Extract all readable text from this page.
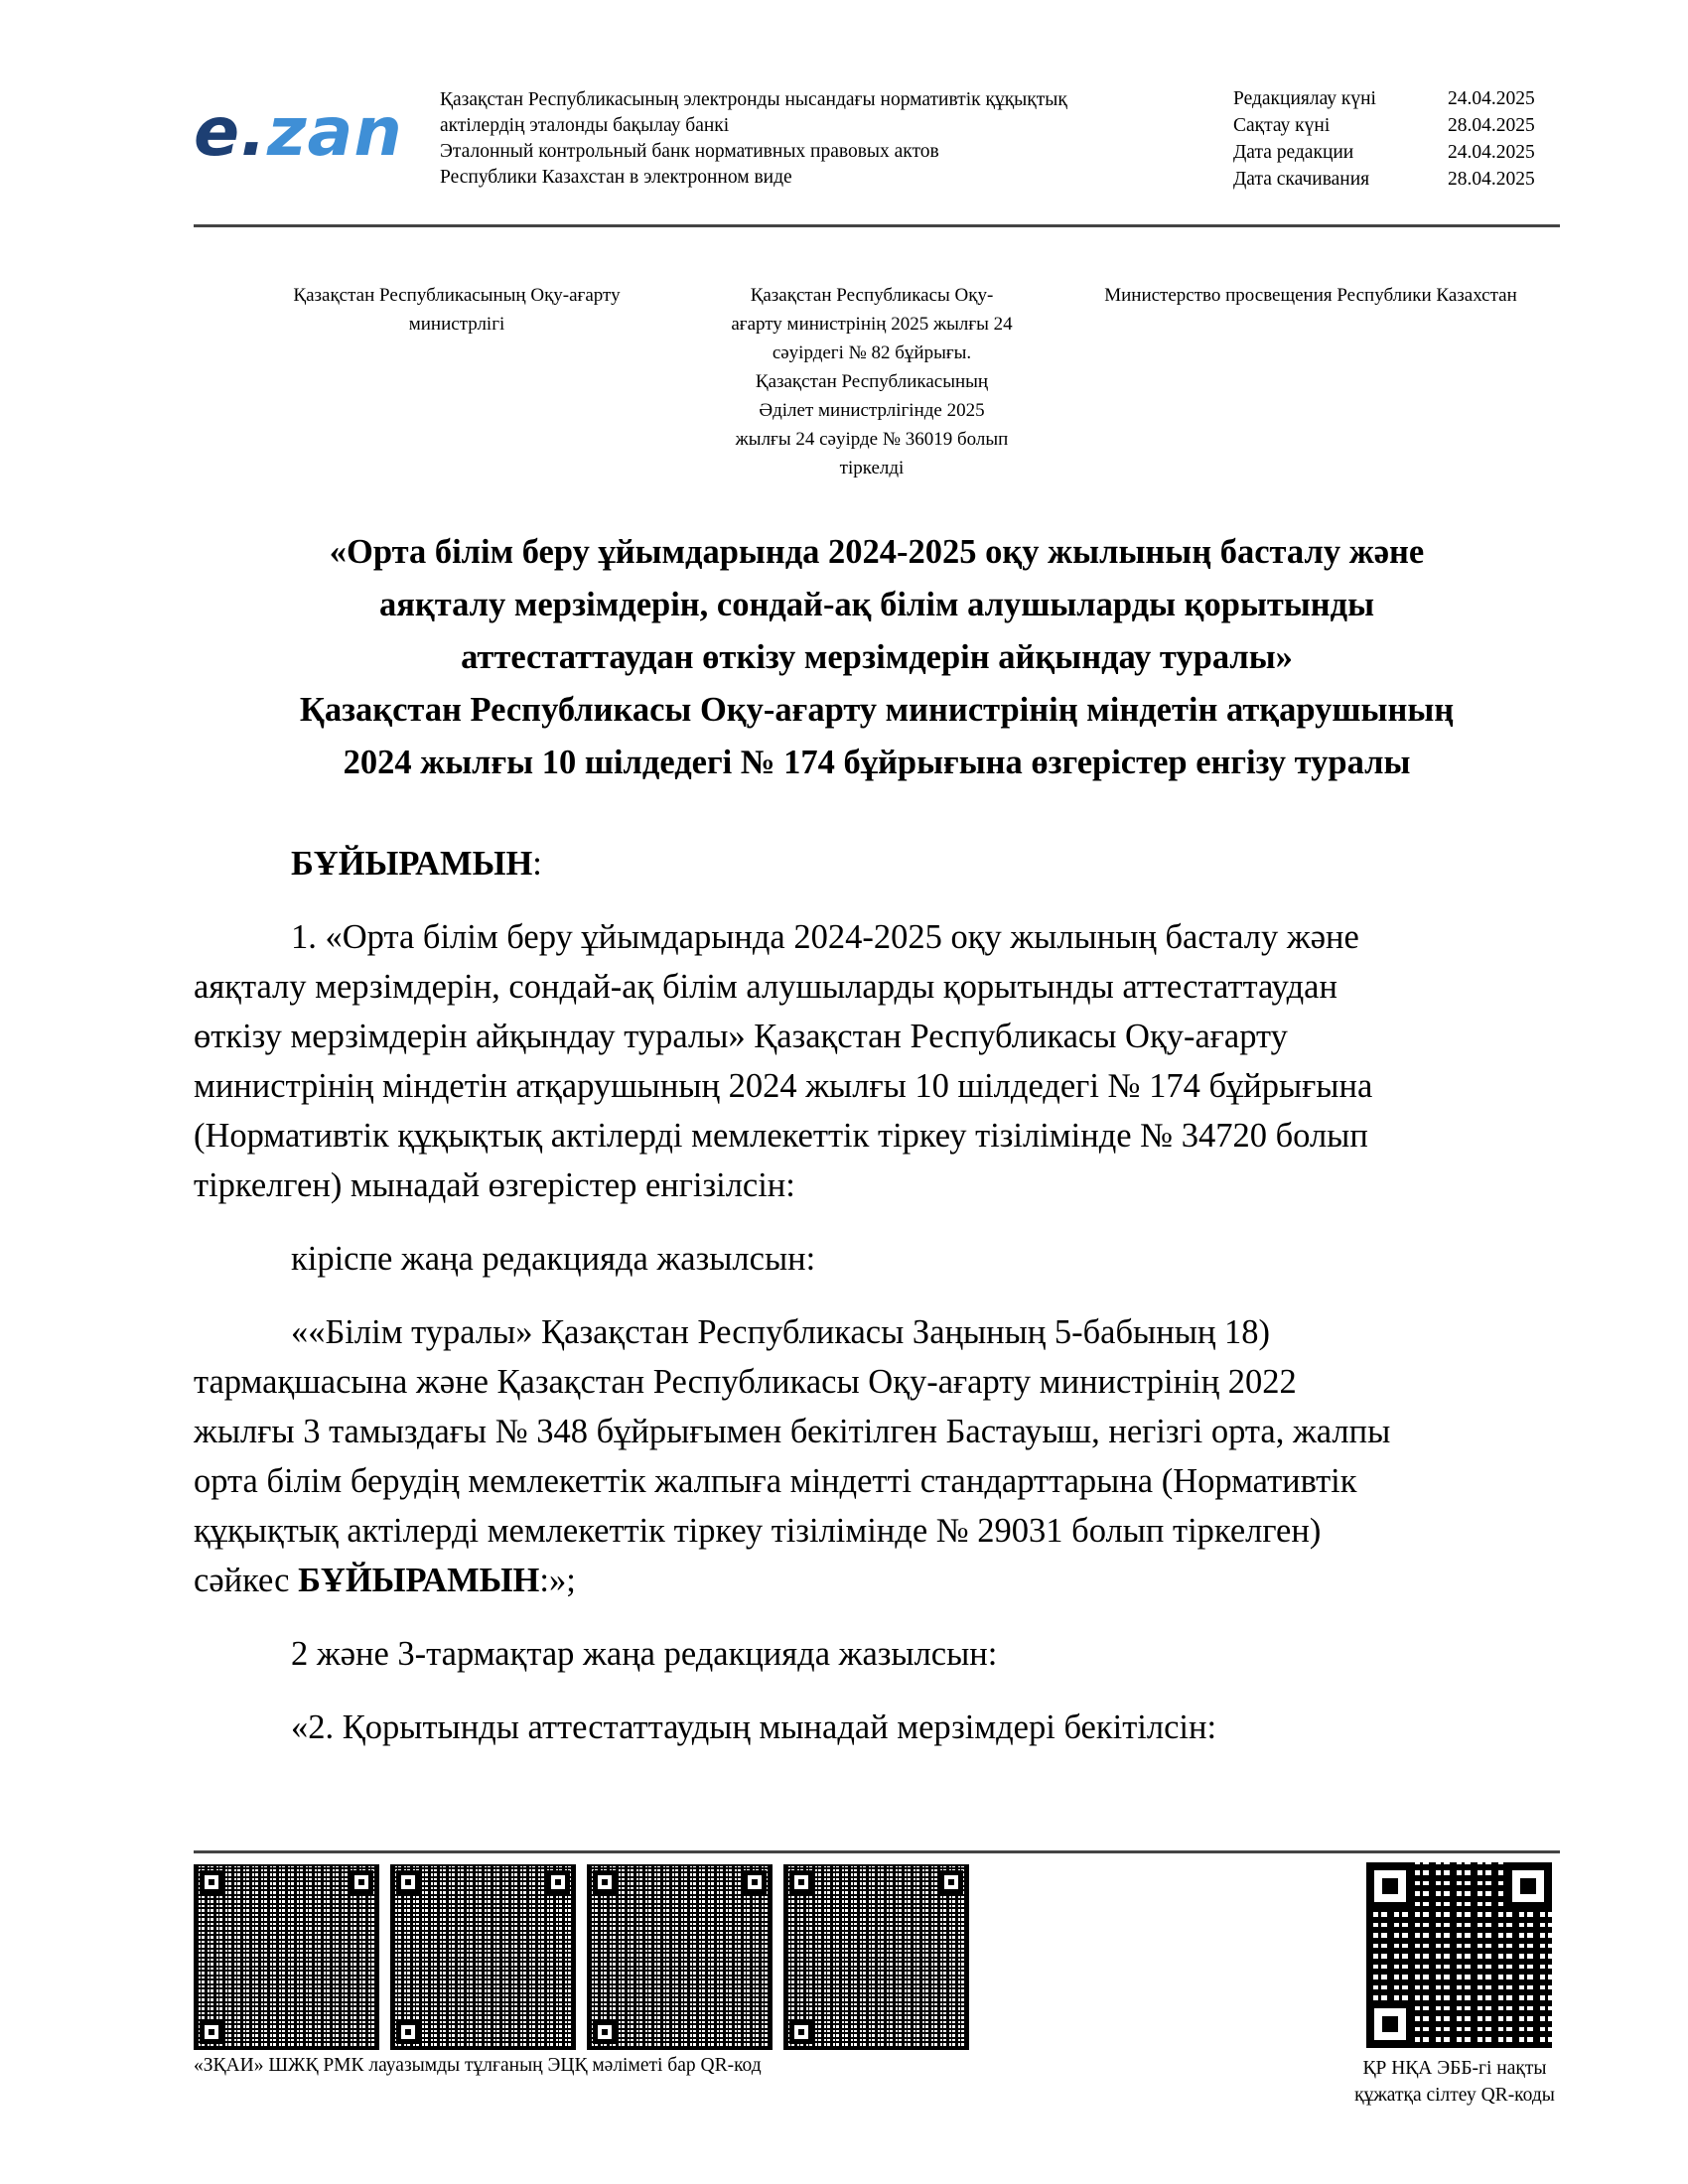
e.zan Қазақстан Республикасының электронды нысандағы нормативтік құқықтық
актілердің эталонды бақылау банкі
Эталонный контрольный банк нормативных правовых актов
Республики Казахстан в электронном виде
Редакциялау күні	24.04.2025
Сақтау күні	28.04.2025
Дата редакции	24.04.2025
Дата скачивания	28.04.2025
Қазақстан Республикасының Оқу-ағарту
министрлігі
Қазақстан Республикасы Оқу-
ағарту министрінің 2025 жылғы 24
сәуірдегі № 82 бұйрығы.
Қазақстан Республикасының
Әділет министрлігінде 2025
жылғы 24 сәуірде № 36019 болып
тіркелді
Министерство просвещения Республики Казахстан
«Орта білім беру ұйымдарында 2024-2025 оқу жылының басталу және
аяқталу мерзімдерін, сондай-ақ білім алушыларды қорытынды
аттестаттаудан өткізу мерзімдерін айқындау туралы»
Қазақстан Республикасы Оқу-ағарту министрінің міндетін атқарушының
2024 жылғы 10 шілдедегі № 174 бұйрығына өзгерістер енгізу туралы
БҰЙЫРАМЫН:
1. «Орта білім беру ұйымдарында 2024-2025 оқу жылының басталу және
аяқталу мерзімдерін, сондай-ақ білім алушыларды қорытынды аттестаттаудан
өткізу мерзімдерін айқындау туралы» Қазақстан Республикасы Оқу-ағарту
министрінің міндетін атқарушының 2024 жылғы 10 шілдедегі № 174 бұйрығына
(Нормативтік құқықтық актілерді мемлекеттік тіркеу тізілімінде № 34720 болып
тіркелген) мынадай өзгерістер енгізілсін:
кіріспе жаңа редакцияда жазылсын:
««Білім туралы» Қазақстан Республикасы Заңының 5-бабының 18)
тармақшасына және Қазақстан Республикасы Оқу-ағарту министрінің 2022
жылғы 3 тамыздағы № 348 бұйрығымен бекітілген Бастауыш, негізгі орта, жалпы
орта білім берудің мемлекеттік жалпыға міндетті стандарттарына (Нормативтік
құқықтық актілерді мемлекеттік тіркеу тізілімінде № 29031 болып тіркелген)
сәйкес БҰЙЫРАМЫН:»;
2 және 3-тармақтар жаңа редакцияда жазылсын:
«2. Қорытынды аттестаттаудың мынадай мерзімдері бекітілсін:
«ЗҚАИ» ШЖҚ РМК лауазымды тұлғаның ЭЦҚ мәліметі бар QR-код	ҚР НҚА ЭББ-гі нақты
құжатқа сілтеу QR-коды
